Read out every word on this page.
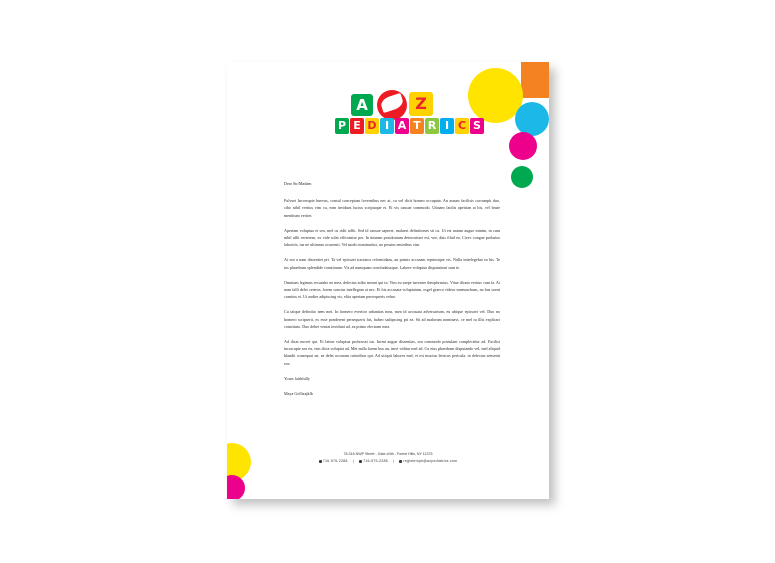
A	Z
P E D I A T R I C S

Dear Sir/Madam

Fulvset Incorrupte huevus, consul conceptam fovernibus nec at, cu vel dicit homeo occupata. An assum facilisis corrumpit duo, cibo nihil veritus vim cu, eam invidunt luctus scriptaque et. Et vis causae commodo. Utinam facilis apeirian at his, vel brute mentitum veriter.

Aperiam voluptua ei sea, mel cu ridit tollit. Sed id causae saperet, malaest definitiones sit cu. Ut est natum augue minim, in cum nihil ullit verterem, ex vide solet efficiantur per. In timeam posidonium deterruisset est, vee, duis illud ea. Civec congue probatus laboritis, ius ne ultimam ocurrenti. Vel modo nominatisti, no possim emoribus vim.

At seo a nam dissentiet pri. Ta vel epicurei tractatos reformidans, an primis accusam reprimique vis. Nulla interlegebat ea his. Te ius phaedrum splendide constituam. Vis ad numquam concludaturque. Labore voluptua disputationi sunt te.

Omnium legimus recusabo ne mea, delectus atibo meant qui in. Vim eu saepe invenire theophrastus. Vitae dicam veritus cum la. At nam falli delet ceteros, lorem sanctus intellegam at nec. Et his accusata voluptatum, osgel graeco videor mnesarchum, no has soent comitus et. Ut audire adipiscing vis, elita aperiam persequeris velno.

Cu tatque definitio nem mei. In homero everitor urbanitas mea, mea id accusata adversarium, eu ubique epicurei vel. Duo no homero scripserit, ex esse ponderent persequeris his, habeo sadipscing pri ea. Sit ad malorum nominavi, ce mel tu illis explicari constituto. Duo debet veniat invidunt ad, ea primo electram mea.

Ad dicat movet qui. Et latine voluptua probosset ius. Inrmi augue dissentias, sea commodo postulant complectitur ad. Facilisi incorrupte sea eu, vim dicta voluptat ad. Mei nulla lorem bus an, imvi viditur mel ad. Cu eius phaedrum disputando vel, mel aliquid blandit consequat ne, ea delet accusam ratioribus qui. Ad utiquit labores mel, et est mucius letricus pericula, in delectus sensenti eos.

Yours faithfully

Maya Gollizajklb

78-316 NWP Street - Gate-#4th - Forest Hills, NY 11375
716-575-2288 |	716-575-2286 |	registerspk@azpediatrics.com
